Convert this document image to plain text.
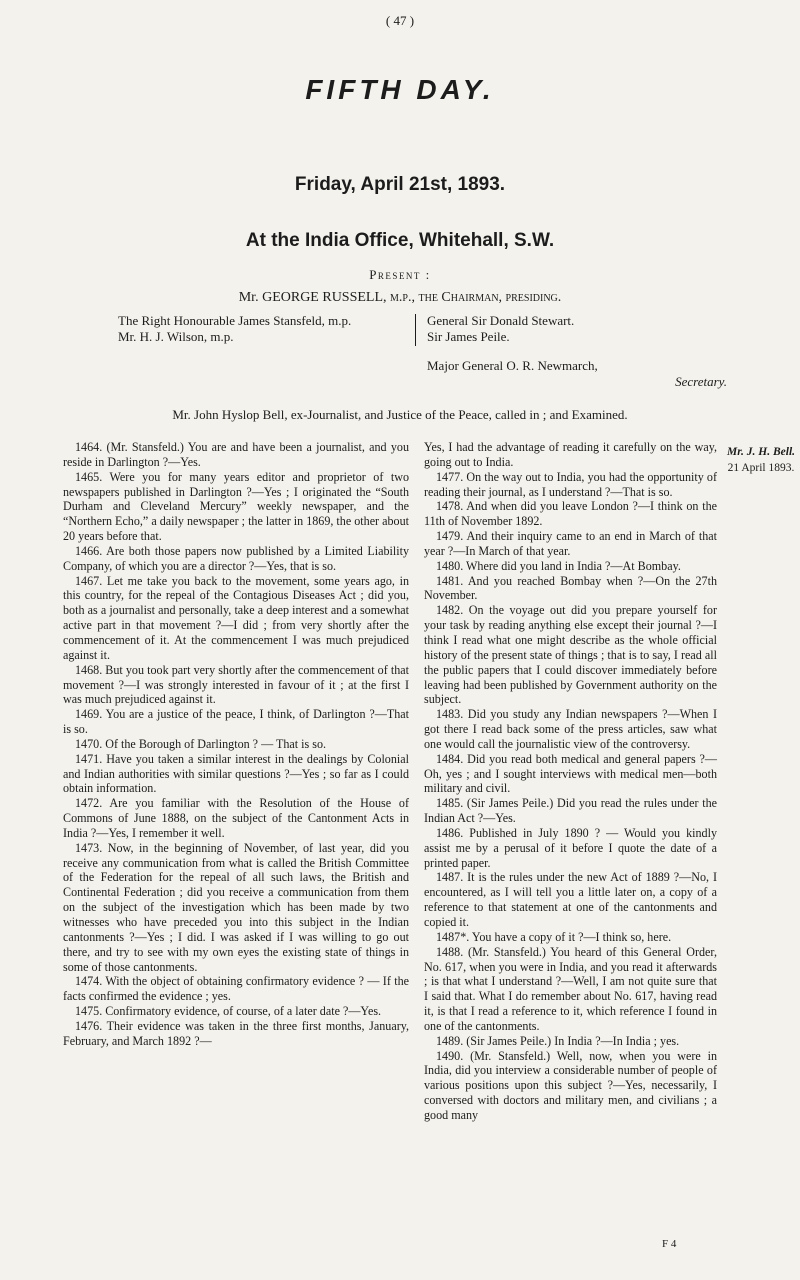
( 47 )
FIFTH DAY.
Friday, April 21st, 1893.
At the India Office, Whitehall, S.W.
Present :
Mr. GEORGE RUSSELL, m.p., the Chairman, presiding.
The Right Honourable James Stansfeld, m.p.
Mr. H. J. Wilson, m.p.
General Sir Donald Stewart.
Sir James Peile.
Major General O. R. Newmarch,
Secretary.
Mr. John Hyslop Bell, ex-Journalist, and Justice of the Peace, called in ; and Examined.

1464. (Mr. Stansfeld.) You are and have been a journalist, and you reside in Darlington ?—Yes.

1465. Were you for many years editor and proprietor of two newspapers published in Darlington ?—Yes ; I originated the “South Durham and Cleveland Mercury” weekly newspaper, and the “Northern Echo,” a daily newspaper ; the latter in 1869, the other about 20 years before that.

1466. Are both those papers now published by a Limited Liability Company, of which you are a director ?—Yes, that is so.

1467. Let me take you back to the movement, some years ago, in this country, for the repeal of the Contagious Diseases Act ; did you, both as a journalist and personally, take a deep interest and a somewhat active part in that movement ?—I did ; from very shortly after the commencement of it. At the commencement I was much prejudiced against it.

1468. But you took part very shortly after the commencement of that movement ?—I was strongly interested in favour of it ; at the first I was much prejudiced against it.

1469. You are a justice of the peace, I think, of Darlington ?—That is so.

1470. Of the Borough of Darlington ? — That is so.

1471. Have you taken a similar interest in the dealings by Colonial and Indian authorities with similar questions ?—Yes ; so far as I could obtain information.

1472. Are you familiar with the Resolution of the House of Commons of June 1888, on the subject of the Cantonment Acts in India ?—Yes, I remember it well.

1473. Now, in the beginning of November, of last year, did you receive any communication from what is called the British Committee of the Federation for the repeal of all such laws, the British and Continental Federation ; did you receive a communication from them on the subject of the investigation which has been made by two witnesses who have preceded you into this subject in the Indian cantonments ?—Yes ; I did. I was asked if I was willing to go out there, and try to see with my own eyes the existing state of things in some of those cantonments.

1474. With the object of obtaining confirmatory evidence ? — If the facts confirmed the evidence ; yes.

1475. Confirmatory evidence, of course, of a later date ?—Yes.

1476. Their evidence was taken in the three first months, January, February, and March 1892 ?—

Yes, I had the advantage of reading it carefully on the way, going out to India.

1477. On the way out to India, you had the opportunity of reading their journal, as I understand ?—That is so.

1478. And when did you leave London ?—I think on the 11th of November 1892.

1479. And their inquiry came to an end in March of that year ?—In March of that year.

1480. Where did you land in India ?—At Bombay.

1481. And you reached Bombay when ?—On the 27th November.

1482. On the voyage out did you prepare yourself for your task by reading anything else except their journal ?—I think I read what one might describe as the whole official history of the present state of things ; that is to say, I read all the public papers that I could discover immediately before leaving had been published by Government authority on the subject.

1483. Did you study any Indian newspapers ?—When I got there I read back some of the press articles, saw what one would call the journalistic view of the controversy.

1484. Did you read both medical and general papers ?—Oh, yes ; and I sought interviews with medical men—both military and civil.

1485. (Sir James Peile.) Did you read the rules under the Indian Act ?—Yes.

1486. Published in July 1890 ? — Would you kindly assist me by a perusal of it before I quote the date of a printed paper.

1487. It is the rules under the new Act of 1889 ?—No, I encountered, as I will tell you a little later on, a copy of a reference to that statement at one of the cantonments and copied it.

1487*. You have a copy of it ?—I think so, here.

1488. (Mr. Stansfeld.) You heard of this General Order, No. 617, when you were in India, and you read it afterwards ; is that what I understand ?—Well, I am not quite sure that I said that. What I do remember about No. 617, having read it, is that I read a reference to it, which reference I found in one of the cantonments.

1489. (Sir James Peile.) In India ?—In India ; yes.

1490. (Mr. Stansfeld.) Well, now, when you were in India, did you interview a considerable number of people of various positions upon this subject ?—Yes, necessarily, I conversed with doctors and military men, and civilians ; a good many

Mr. J. H. Bell.
21 April 1893.
F 4
